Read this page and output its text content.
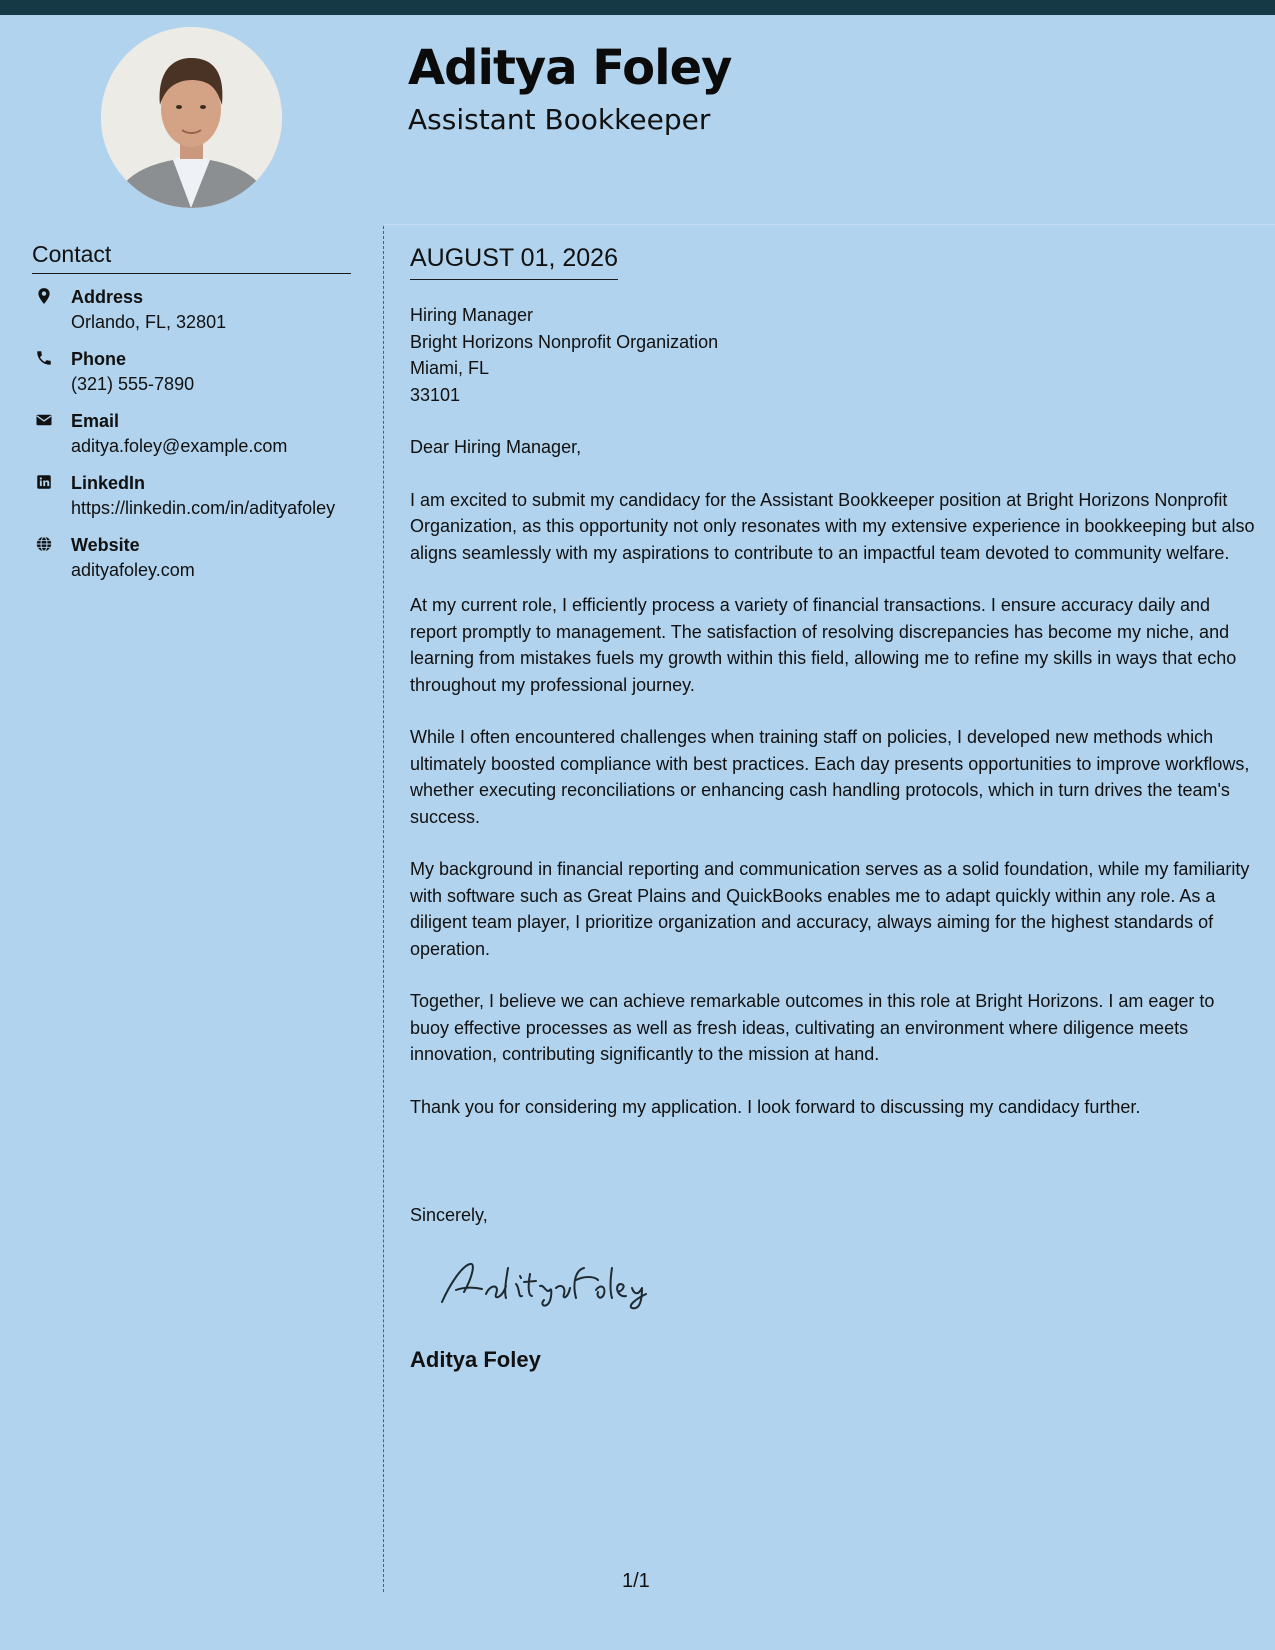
Aditya Foley
Assistant Bookkeeper
Contact
Address
Orlando, FL, 32801
Phone
(321) 555-7890
Email
aditya.foley@example.com
LinkedIn
https://linkedin.com/in/adityafoley
Website
adityafoley.com
AUGUST 01, 2026
Hiring Manager
Bright Horizons Nonprofit Organization
Miami, FL
33101

Dear Hiring Manager,

I am excited to submit my candidacy for the Assistant Bookkeeper position at Bright Horizons Nonprofit Organization, as this opportunity not only resonates with my extensive experience in bookkeeping but also aligns seamlessly with my aspirations to contribute to an impactful team devoted to community welfare.

At my current role, I efficiently process a variety of financial transactions. I ensure accuracy daily and report promptly to management. The satisfaction of resolving discrepancies has become my niche, and learning from mistakes fuels my growth within this field, allowing me to refine my skills in ways that echo throughout my professional journey.

While I often encountered challenges when training staff on policies, I developed new methods which ultimately boosted compliance with best practices. Each day presents opportunities to improve workflows, whether executing reconciliations or enhancing cash handling protocols, which in turn drives the team's success.

My background in financial reporting and communication serves as a solid foundation, while my familiarity with software such as Great Plains and QuickBooks enables me to adapt quickly within any role. As a diligent team player, I prioritize organization and accuracy, always aiming for the highest standards of operation.

Together, I believe we can achieve remarkable outcomes in this role at Bright Horizons. I am eager to buoy effective processes as well as fresh ideas, cultivating an environment where diligence meets innovation, contributing significantly to the mission at hand.

Thank you for considering my application. I look forward to discussing my candidacy further.

Sincerely,
Aditya Foley
1/1
